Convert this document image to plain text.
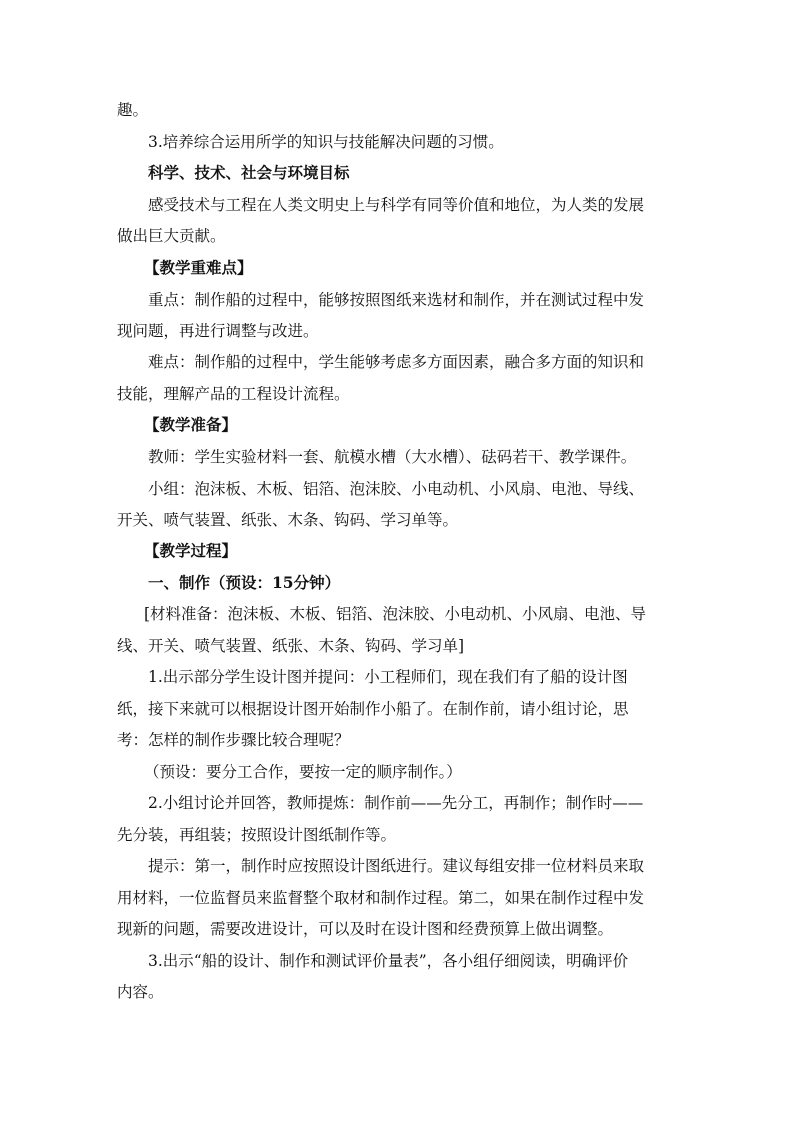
趣。
3.培养综合运用所学的知识与技能解决问题的习惯。
科学、技术、社会与环境目标
感受技术与工程在人类文明史上与科学有同等价值和地位，为人类的发展
做出巨大贡献。
【教学重难点】
重点：制作船的过程中，能够按照图纸来选材和制作，并在测试过程中发
现问题，再进行调整与改进。
难点：制作船的过程中，学生能够考虑多方面因素，融合多方面的知识和
技能，理解产品的工程设计流程。
【教学准备】
教师：学生实验材料一套、航模水槽（大水槽）、砝码若干、教学课件。
小组：泡沫板、木板、铝箔、泡沫胶、小电动机、小风扇、电池、导线、
开关、喷气装置、纸张、木条、钩码、学习单等。
【教学过程】
一、制作（预设：15分钟）
[材料准备：泡沫板、木板、铝箔、泡沫胶、小电动机、小风扇、电池、导
线、开关、喷气装置、纸张、木条、钩码、学习单]
1.出示部分学生设计图并提问：小工程师们，现在我们有了船的设计图
纸，接下来就可以根据设计图开始制作小船了。在制作前，请小组讨论，思
考：怎样的制作步骤比较合理呢？
（预设：要分工合作，要按一定的顺序制作。）
2.小组讨论并回答，教师提炼：制作前——先分工，再制作；制作时——
先分装，再组装；按照设计图纸制作等。
提示：第一，制作时应按照设计图纸进行。建议每组安排一位材料员来取
用材料，一位监督员来监督整个取材和制作过程。第二，如果在制作过程中发
现新的问题，需要改进设计，可以及时在设计图和经费预算上做出调整。
3.出示“船的设计、制作和测试评价量表”，各小组仔细阅读，明确评价
内容。
